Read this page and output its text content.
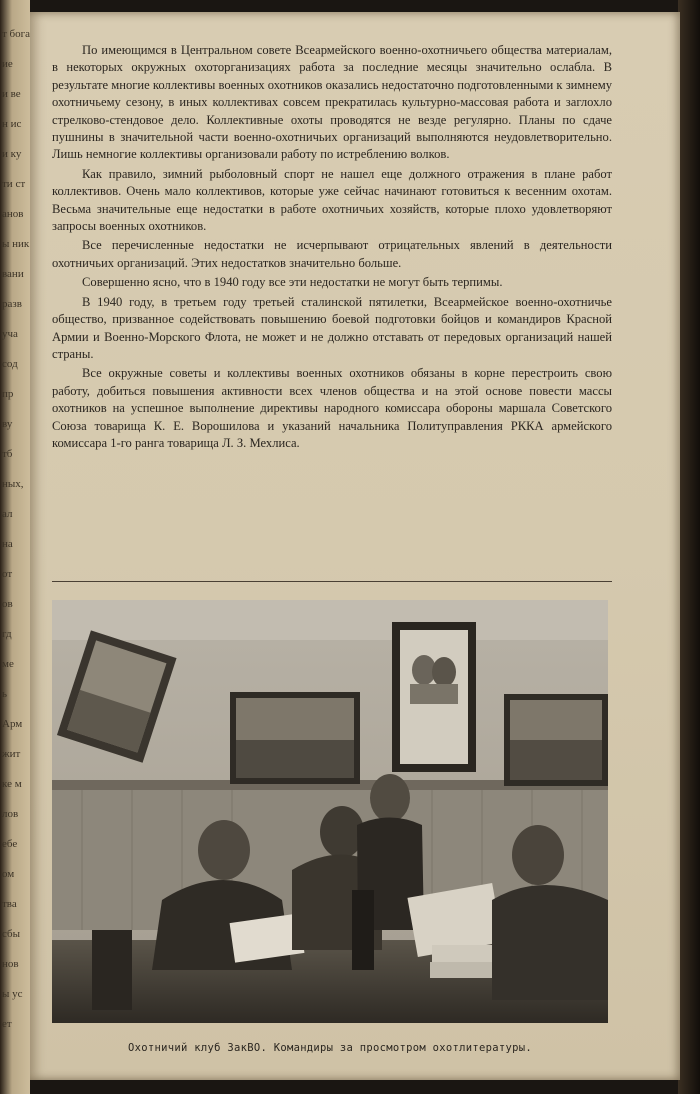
т бога
ие
и ве
н ис
и ку
ти ст
анов
ы ник
вани
разв
уча
сод
пр
ву
тб
ных,
ал
на
от
ов
гд
ме
ь
Арм
жит
ке м
лов
ебе
ом
тва
сбы
нов
ы ус
ет

По имеющимся в Центральном совете Всеармейского военно-охотничьего общества материалам, в некоторых окружных охоторганизациях работа за последние месяцы значительно ослабла. В результате многие коллективы военных охотников оказались недостаточно подготовленными к зимнему охотничьему сезону, в иных коллективах совсем прекратилась культурно-массовая работа и заглохло стрелково-стендовое дело. Коллективные охоты проводятся не везде регулярно. Планы по сдаче пушнины в значительной части военно-охотничьих организаций выполняются неудовлетворительно. Лишь немногие коллективы организовали работу по истреблению волков.

Как правило, зимний рыболовный спорт не нашел еще должного отражения в плане работ коллективов. Очень мало коллективов, которые уже сейчас начинают готовиться к весенним охотам. Весьма значительные еще недостатки в работе охотничьих хозяйств, которые плохо удовлетворяют запросы военных охотников.

Все перечисленные недостатки не исчерпывают отрицательных явлений в деятельности охотничьих организаций. Этих недостатков значительно больше.

Совершенно ясно, что в 1940 году все эти недостатки не могут быть терпимы.

В 1940 году, в третьем году третьей сталинской пятилетки, Всеармейское военно-охотничье общество, призванное содействовать повышению боевой подготовки бойцов и командиров Красной Армии и Военно-Морского Флота, не может и не должно отставать от передовых организаций нашей страны.

Все окружные советы и коллективы военных охотников обязаны в корне перестроить свою работу, добиться повышения активности всех членов общества и на этой основе повести массы охотников на успешное выполнение директивы народного комиссара обороны маршала Советского Союза товарища К. Е. Ворошилова и указаний начальника Политуправления РККА армейского комиссара 1-го ранга товарища Л. З. Мехлиса.

Охотничий клуб ЗакВО. Командиры за просмотром охотлитературы.
